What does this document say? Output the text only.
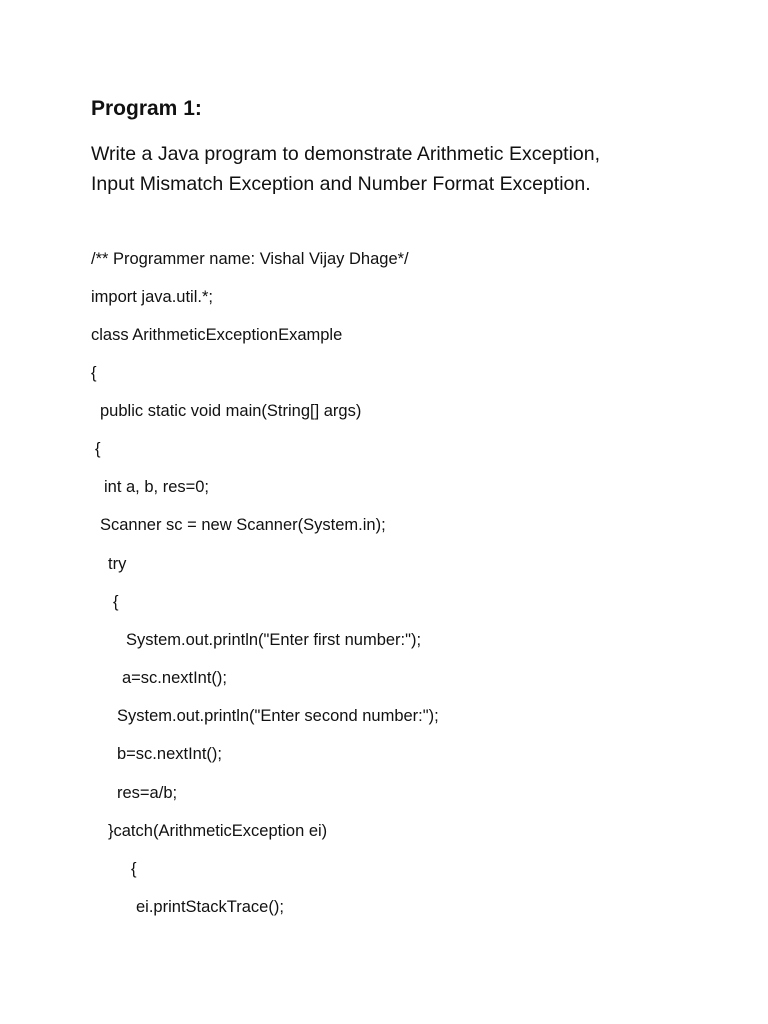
Program 1:
Write a Java program to demonstrate Arithmetic Exception,
Input Mismatch Exception and Number Format Exception.
/** Programmer name: Vishal Vijay Dhage*/
import java.util.*;
class ArithmeticExceptionExample
{
public static void main(String[] args)
{
int a, b, res=0;
Scanner sc = new Scanner(System.in);
try
{
System.out.println("Enter first number:");
a=sc.nextInt();
System.out.println("Enter second number:");
b=sc.nextInt();
res=a/b;
}catch(ArithmeticException ei)
{
ei.printStackTrace();
